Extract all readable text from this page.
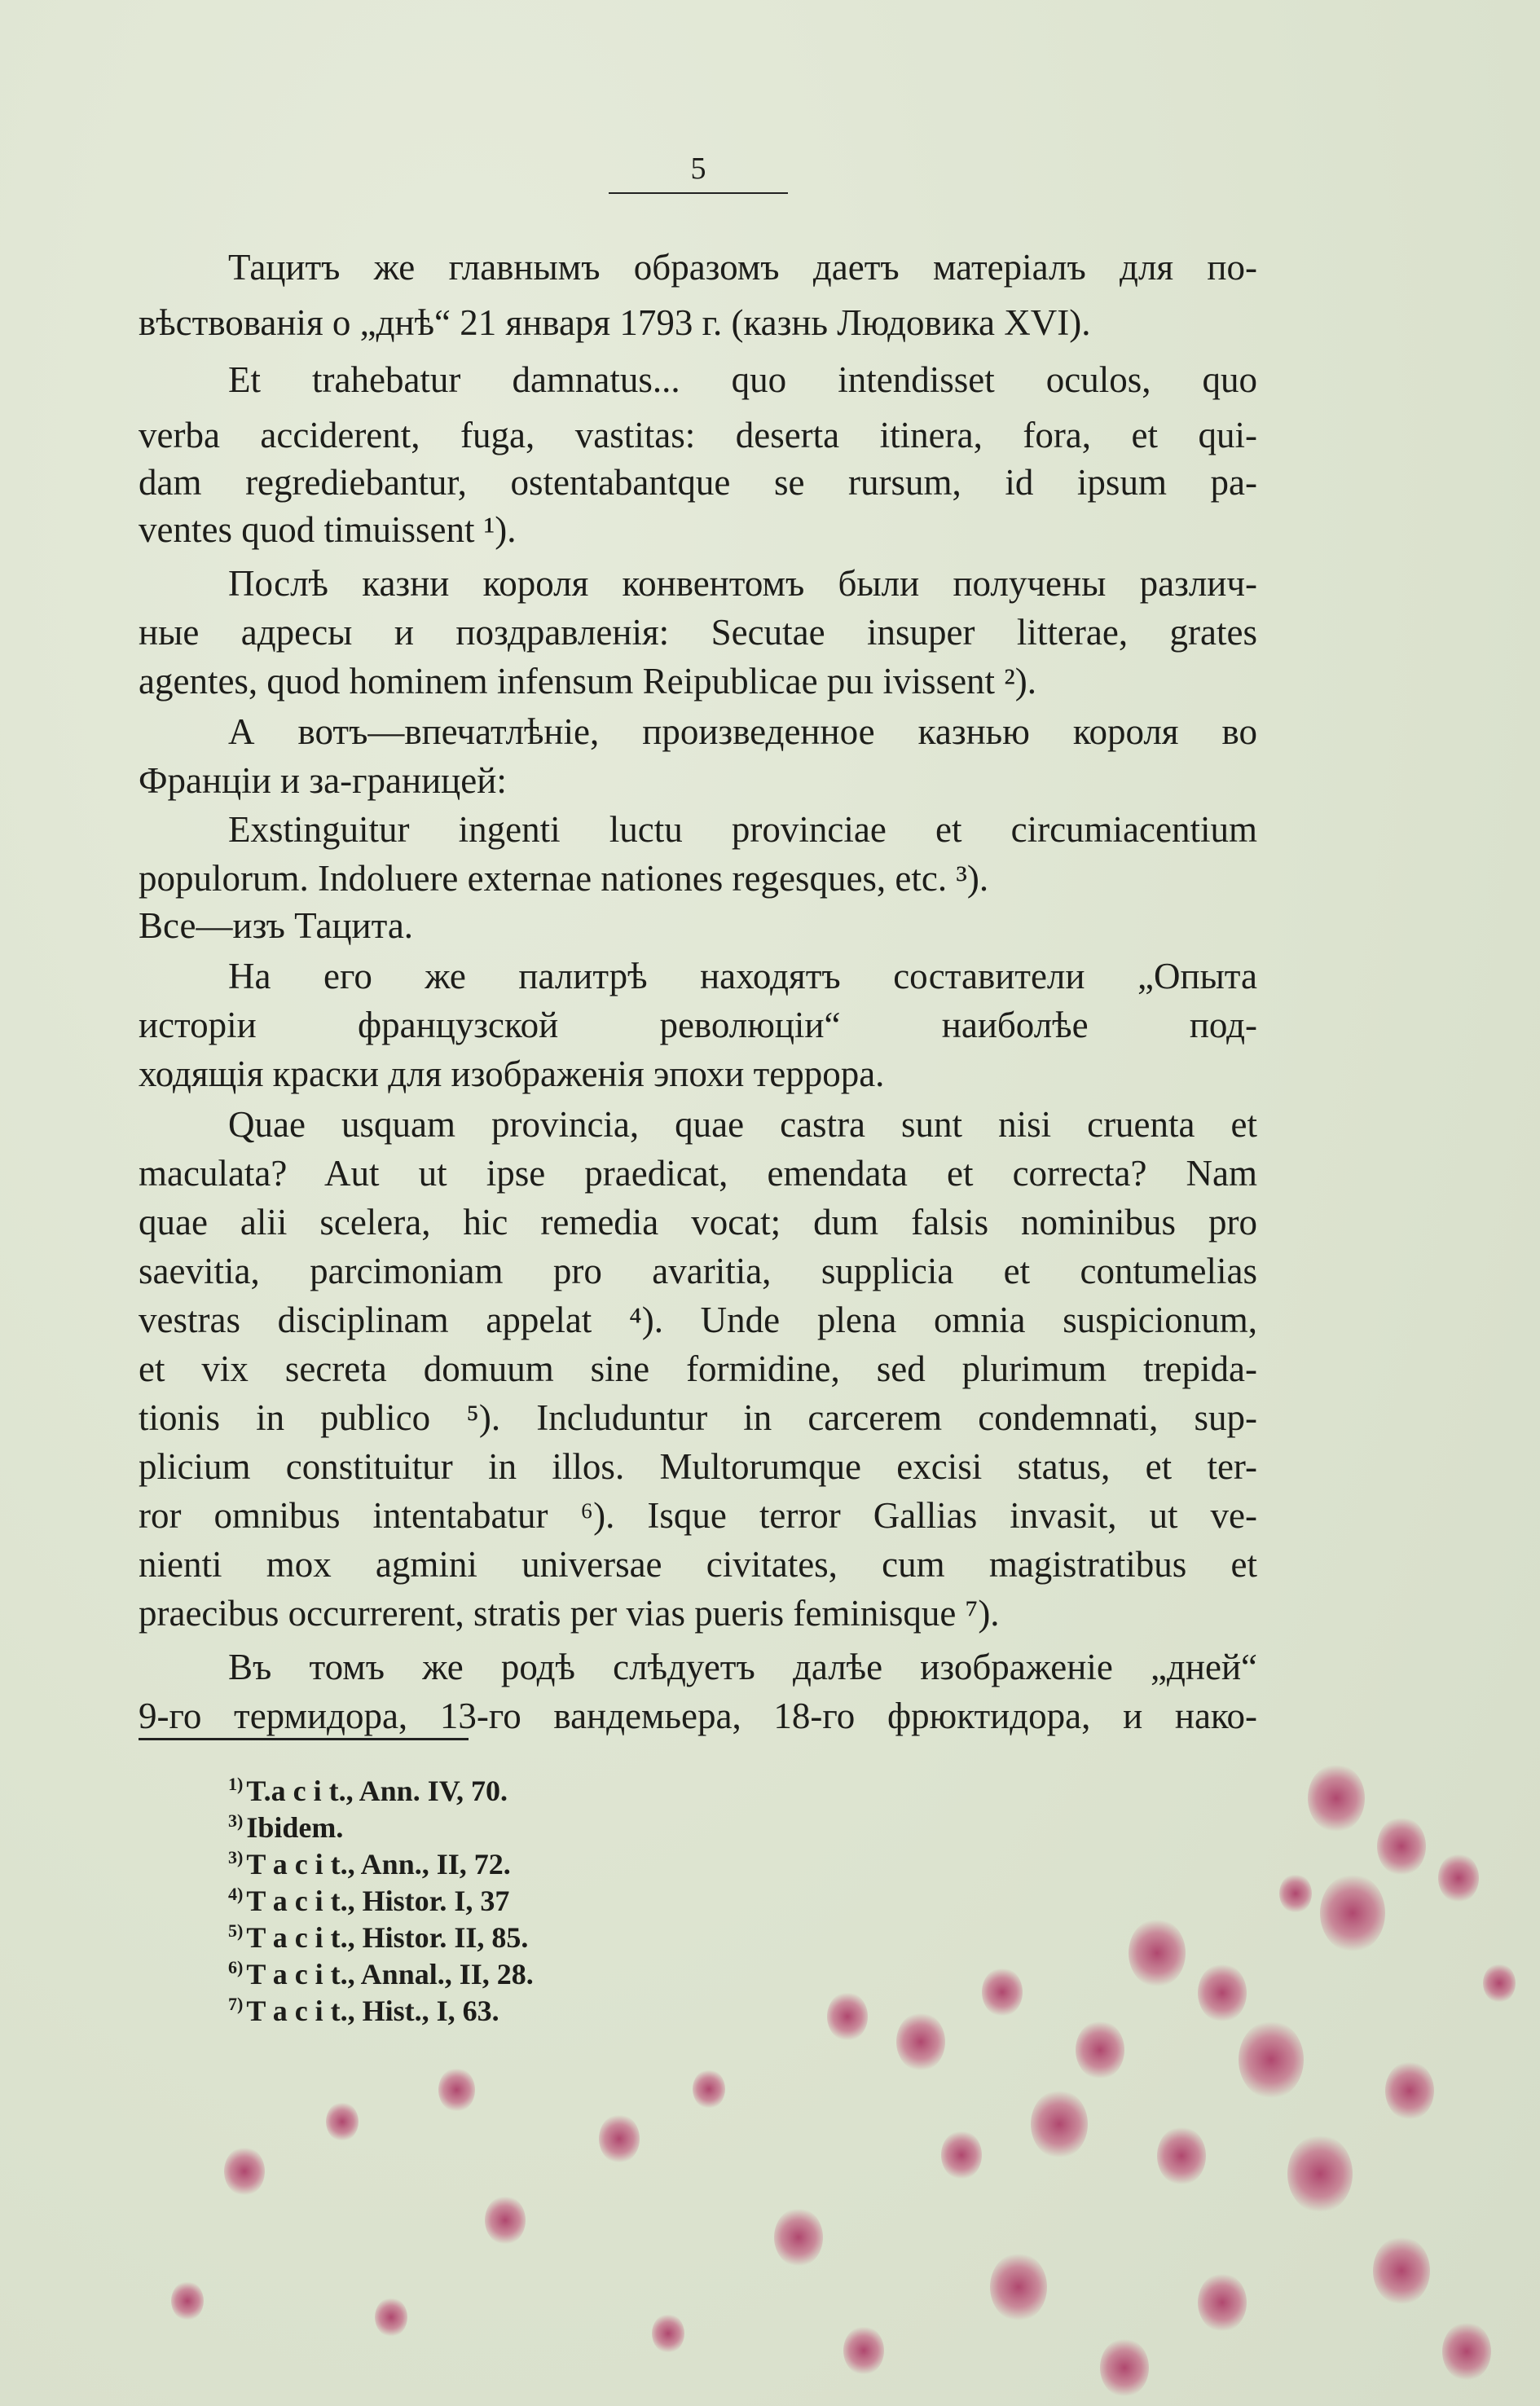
5
Тацитъ же главнымъ образомъ даетъ матеріалъ для по-
вѣствованія о „днѣ“ 21 января 1793 г. (казнь Людовика XVI).
Et trahebatur damnatus... quo intendisset oculos, quo
verba acciderent, fuga, vastitas: deserta itinera, fora, et qui-
dam regrediebantur, ostentabantque se rursum, id ipsum pa-
ventes quod timuissent ¹).
Послѣ казни короля конвентомъ были получены различ-
ные адресы и поздравленія: Secutae insuper litterae, grates
agentes, quod hominem infensum Reipublicae puı ivissent ²).
А вотъ—впечатлѣніе, произведенное казнью короля во
Франціи и за-границей:
Exstinguitur ingenti luctu provinciae et circumiacentium
populorum. Indoluere externae nationes regesques, etc. ³).
Все—изъ Тацита.
На его же палитрѣ находятъ составители „Опыта
исторіи французской революціи“ наиболѣе под-
ходящія краски для изображенія эпохи террора.
Quae usquam provincia, quae castra sunt nisi cruenta et
maculata? Aut ut ipse praedicat, emendata et correcta? Nam
quae alii scelera, hic remedia vocat; dum falsis nominibus pro
saevitia, parcimoniam pro avaritia, supplicia et contumelias
vestras disciplinam appelat ⁴). Unde plena omnia suspicionum,
et vix secreta domuum sine formidine, sed plurimum trepida-
tionis in publico ⁵). Includuntur in carcerem condemnati, sup-
plicium constituitur in illos. Multorumque excisi status, et ter-
ror omnibus intentabatur ⁶). Isque terror Gallias invasit, ut ve-
nienti mox agmini universae civitates, cum magistratibus et
praecibus occurrerent, stratis per vias pueris feminisque ⁷).
Въ томъ же родѣ слѣдуетъ далѣе изображеніе „дней“
9-го термидора, 13-го вандемьера, 18-го фрюктидора, и нако-
$^{1)}$ T.a c i t., Ann. IV, 70.
$^{3)}$ Ibidem.
$^{3)}$ T a c i t., Ann., II, 72.
$^{4)}$ T a c i t., Histor. I, 37
$^{5)}$ T a c i t., Histor. II, 85.
$^{6)}$ T a c i t., Annal., II, 28.
$^{7)}$ T a c i t., Hist., I, 63.
